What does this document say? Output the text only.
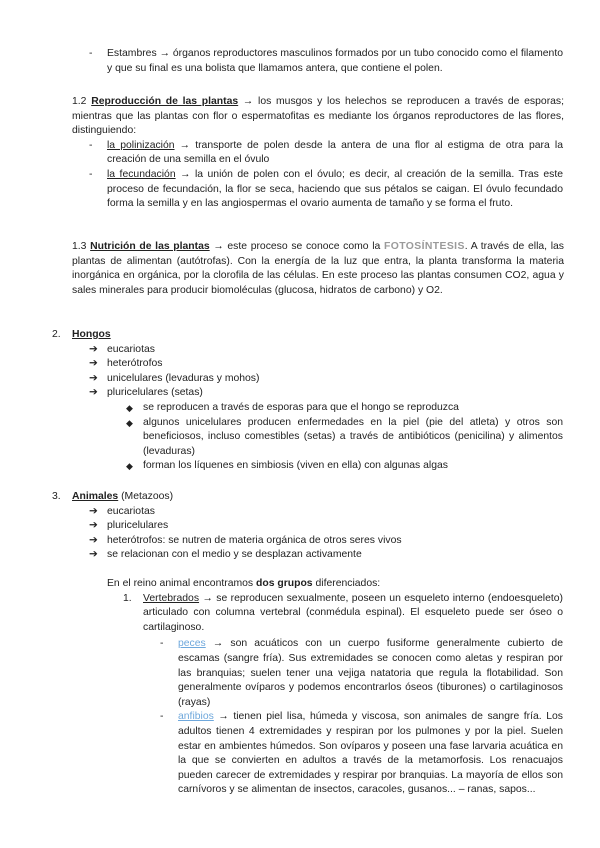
- Estambres → órganos reproductores masculinos formados por un tubo conocido como el filamento y que su final es una bolista que llamamos antera, que contiene el polen.

1.2 Reproducción de las plantas → los musgos y los helechos se reproducen a través de esporas; mientras que las plantas con flor o espermatofitas es mediante los órganos reproductores de las flores, distinguiendo:

- la polinización → transporte de polen desde la antera de una flor al estigma de otra para la creación de una semilla en el óvulo

- la fecundación → la unión de polen con el óvulo; es decir, al creación de la semilla. Tras este proceso de fecundación, la flor se seca, haciendo que sus pétalos se caigan. El óvulo fecundado forma la semilla y en las angiospermas el ovario aumenta de tamaño y se forma el fruto.

1.3 Nutrición de las plantas → este proceso se conoce como la FOTOSÍNTESIS. A través de ella, las plantas de alimentan (autótrofas). Con la energía de la luz que entra, la planta transforma la materia inorgánica en orgánica, por la clorofila de las células. En este proceso las plantas consumen CO2, agua y sales minerales para producir biomoléculas (glucosa, hidratos de carbono) y O2.

2. Hongos

➔ eucariotas

➔ heterótrofos

➔ unicelulares (levaduras y mohos)

➔ pluricelulares (setas)

◆ se reproducen a través de esporas para que el hongo se reproduzca

◆ algunos unicelulares producen enfermedades en la piel (pie del atleta) y otros son beneficiosos, incluso comestibles (setas) a través de antibióticos (penicilina) y alimentos (levaduras)

◆ forman los líquenes en simbiosis (viven en ella) con algunas algas

3. Animales (Metazoos)

➔ eucariotas

➔ pluricelulares

➔ heterótrofos: se nutren de materia orgánica de otros seres vivos

➔ se relacionan con el medio y se desplazan activamente

En el reino animal encontramos dos grupos diferenciados:

1. Vertebrados → se reproducen sexualmente, poseen un esqueleto interno (endoesqueleto) articulado con columna vertebral (conmédula espinal). El esqueleto puede ser óseo o cartilaginoso.

- peces → son acuáticos con un cuerpo fusiforme generalmente cubierto de escamas (sangre fría). Sus extremidades se conocen como aletas y respiran por las branquias; suelen tener una vejiga natatoria que regula la flotabilidad. Son generalmente ovíparos y podemos encontrarlos óseos (tiburones) o cartilaginosos (rayas)

- anfibios → tienen piel lisa, húmeda y viscosa, son animales de sangre fría. Los adultos tienen 4 extremidades y respiran por los pulmones y por la piel. Suelen estar en ambientes húmedos. Son ovíparos y poseen una fase larvaria acuática en la que se convierten en adultos a través de la metamorfosis. Los renacuajos pueden carecer de extremidades y respirar por branquias. La mayoría de ellos son carnívoros y se alimentan de insectos, caracoles, gusanos... – ranas, sapos...
